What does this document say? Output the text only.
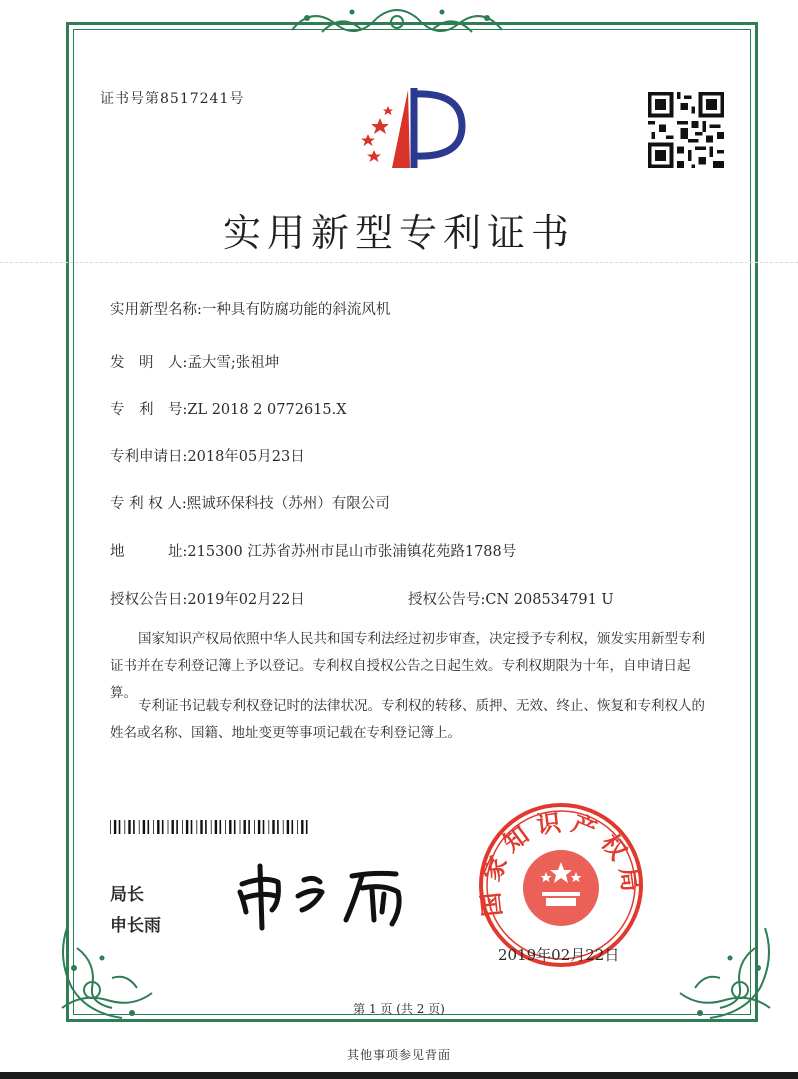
证书号第8517241号
实用新型专利证书
实用新型名称:一种具有防腐功能的斜流风机
发　明　人:孟大雪;张祖坤
专　利　号:ZL 2018 2 0772615.X
专利申请日:2018年05月23日
专 利 权 人:熙诚环保科技（苏州）有限公司
地　　　址:215300 江苏省苏州市昆山市张浦镇花苑路1788号
授权公告日:2019年02月22日	授权公告号:CN 208534791 U
国家知识产权局依照中华人民共和国专利法经过初步审查，决定授予专利权，颁发实用新型专利证书并在专利登记簿上予以登记。专利权自授权公告之日起生效。专利权期限为十年，自申请日起算。
专利证书记载专利权登记时的法律状况。专利权的转移、质押、无效、终止、恢复和专利权人的姓名或名称、国籍、地址变更等事项记载在专利登记簿上。
局长
申长雨
国家知识产权局
2019年02月22日
第 1 页 (共 2 页)
其他事项参见背面
